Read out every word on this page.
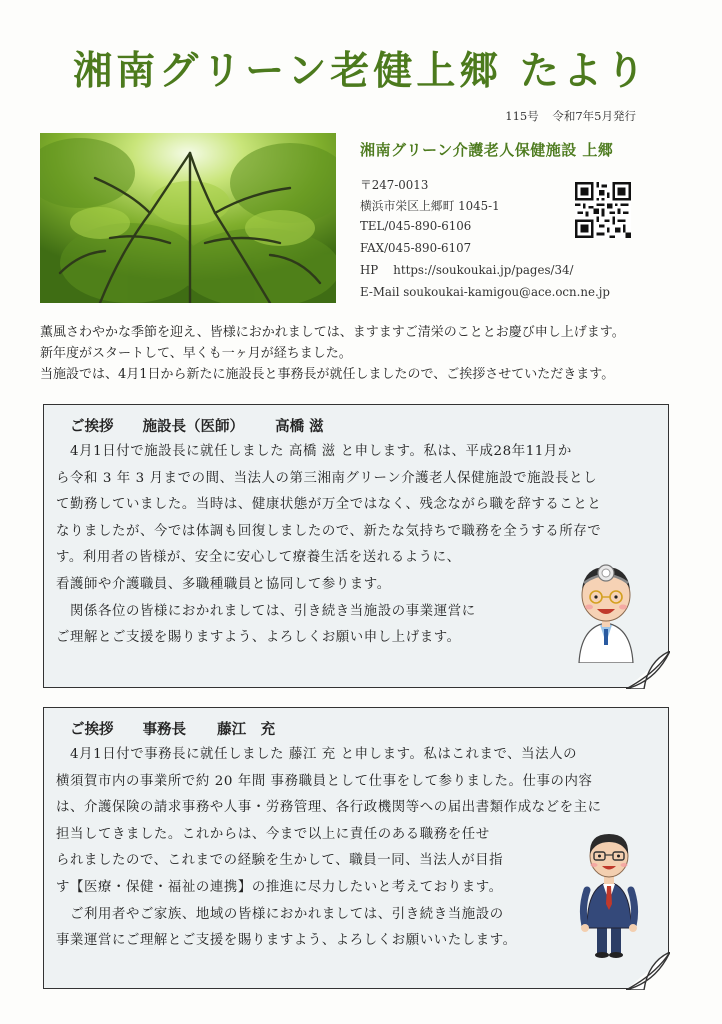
湘南グリーン老健上郷 たより
115号 令和7年5月発行
湘南グリーン介護老人保健施設 上郷
〒247-0013
横浜市栄区上郷町 1045-1
TEL/045-890-6106
FAX/045-890-6107
HP https://soukoukai.jp/pages/34/
E-Mail soukoukai-kamigou@ace.ocn.ne.jp

薫風さわやかな季節を迎え、皆様におかれましては、ますますご清栄のこととお慶び申し上げます。

新年度がスタートして、早くも一ヶ月が経ちました。

当施設では、4月1日から新たに施設長と事務長が就任しましたので、ご挨拶させていただきます。

ご挨拶 施設長（医師） 高橋 滋

　4月1日付で施設長に就任しました 高橋 滋 と申します。私は、平成28年11月か

ら令和 3 年 3 月までの間、当法人の第三湘南グリーン介護老人保健施設で施設長とし

て勤務していました。当時は、健康状態が万全ではなく、残念ながら職を辞することと

なりましたが、今では体調も回復しましたので、新たな気持ちで職務を全うする所存で

す。利用者の皆様が、安全に安心して療養生活を送れるように、

看護師や介護職員、多職種職員と協同して参ります。

　関係各位の皆様におかれましては、引き続き当施設の事業運営に

ご理解とご支援を賜りますよう、よろしくお願い申し上げます。

ご挨拶 事務長 藤江　充

　4月1日付で事務長に就任しました 藤江 充 と申します。私はこれまで、当法人の

横須賀市内の事業所で約 20 年間 事務職員として仕事をして参りました。仕事の内容

は、介護保険の請求事務や人事・労務管理、各行政機関等への届出書類作成などを主に

担当してきました。これからは、今まで以上に責任のある職務を任せ

られましたので、これまでの経験を生かして、職員一同、当法人が目指

す【医療・保健・福祉の連携】の推進に尽力したいと考えております。

　ご利用者やご家族、地域の皆様におかれましては、引き続き当施設の

事業運営にご理解とご支援を賜りますよう、よろしくお願いいたします。
